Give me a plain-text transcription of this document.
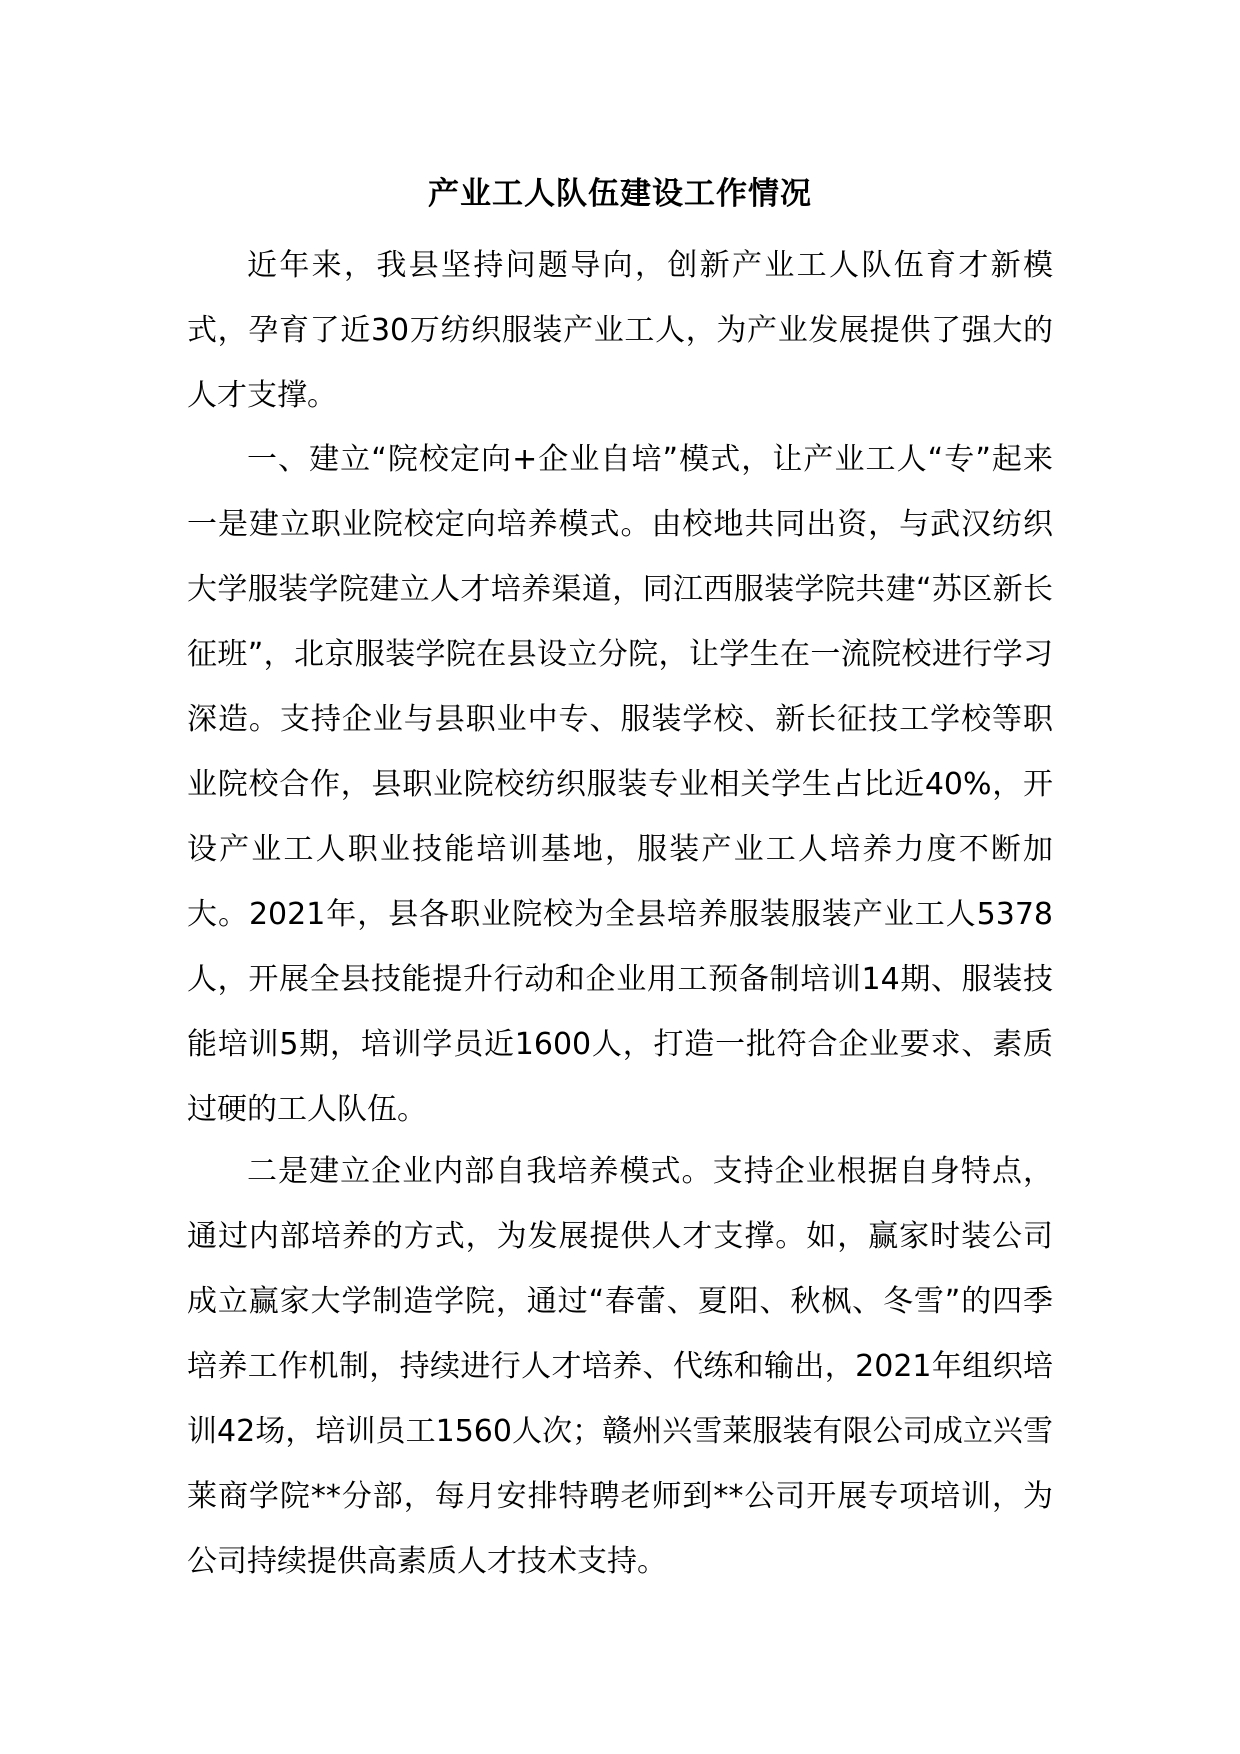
产业工人队伍建设工作情况

近年来，我县坚持问题导向，创新产业工人队伍育才新模式，孕育了近30万纺织服装产业工人，为产业发展提供了强大的人才支撑。

一、建立“院校定向+企业自培”模式，让产业工人“专”起来一是建立职业院校定向培养模式。由校地共同出资，与武汉纺织大学服装学院建立人才培养渠道，同江西服装学院共建“苏区新长征班”，北京服装学院在县设立分院，让学生在一流院校进行学习深造。支持企业与县职业中专、服装学校、新长征技工学校等职业院校合作，县职业院校纺织服装专业相关学生占比近40%，开设产业工人职业技能培训基地，服装产业工人培养力度不断加大。2021年，县各职业院校为全县培养服装服装产业工人5378人，开展全县技能提升行动和企业用工预备制培训14期、服装技能培训5期，培训学员近1600人，打造一批符合企业要求、素质过硬的工人队伍。

二是建立企业内部自我培养模式。支持企业根据自身特点，通过内部培养的方式，为发展提供人才支撑。如，赢家时装公司成立赢家大学制造学院，通过“春蕾、夏阳、秋枫、冬雪”的四季培养工作机制，持续进行人才培养、代练和输出，2021年组织培训42场，培训员工1560人次；赣州兴雪莱服装有限公司成立兴雪莱商学院**分部，每月安排特聘老师到**公司开展专项培训，为公司持续提供高素质人才技术支持。
